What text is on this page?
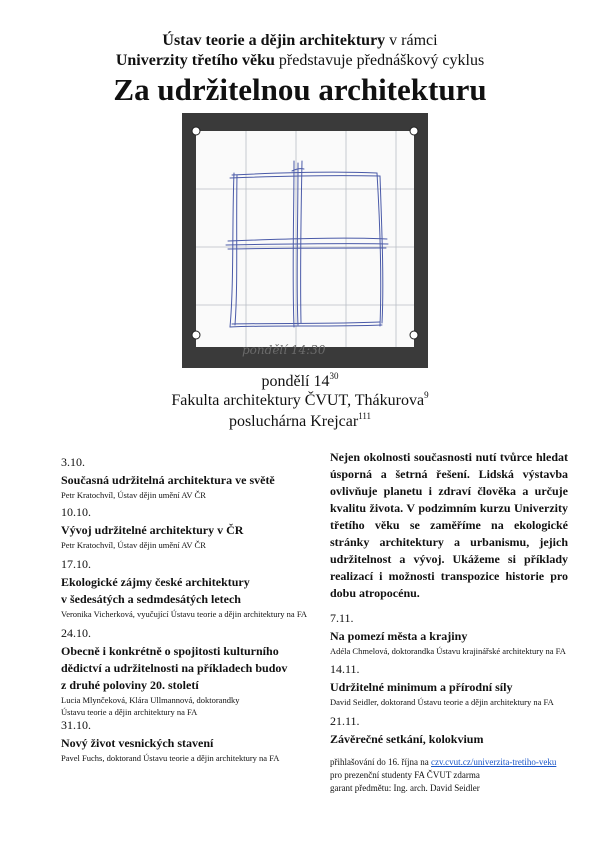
Ústav teorie a dějin architektury v rámci
Univerzity třetího věku představuje přednáškový cyklus
Za udržitelnou architekturu
pondělí 14:30
pondělí $14^{30}$
Fakulta architektury ČVUT, Thákurova$^9$
posluchárna Krejcar$^{111}$
3.10.
Současná udržitelná architektura ve světě
Petr Kratochvíl, Ústav dějin umění AV ČR
10.10.
Vývoj udržitelné architektury v ČR
Petr Kratochvíl, Ústav dějin umění AV ČR
17.10.
Ekologické zájmy české architektury
v šedesátých a sedmdesátých letech
Veronika Vicherková, vyučující Ústavu teorie a dějin architektury na FA
24.10.
Obecně i konkrétně o spojitosti kulturního
dědictví a udržitelnosti na příkladech budov
z druhé poloviny 20. století
Lucia Mlynčeková, Klára Ullmannová, doktorandky
Ústavu teorie a dějin architektury na FA
31.10.
Nový život vesnických stavení
Pavel Fuchs, doktorand Ústavu teorie a dějin architektury na FA
Nejen okolnosti současnosti nutí tvůrce hledat úsporná a šetrná řešení. Lidská výstavba ovlivňuje planetu i zdraví člověka a určuje kvalitu života. V podzimním kurzu Univerzity třetího věku se zaměříme na ekologické stránky architektury a urbanismu, jejich udržitelnost a vývoj. Ukážeme si příklady realizací i možnosti transpozice historie pro dobu atropocénu.
7.11.
Na pomezí města a krajiny
Adéla Chmelová, doktorandka Ústavu krajinářské architektury na FA
14.11.
Udržitelné minimum a přírodní síly
David Seidler, doktorand Ústavu teorie a dějin architektury na FA
21.11.
Závěrečné setkání, kolokvium
přihlašování do 16. října na czv.cvut.cz/univerzita-tretiho-veku
pro prezenční studenty FA ČVUT zdarma
garant předmětu: Ing. arch. David Seidler
